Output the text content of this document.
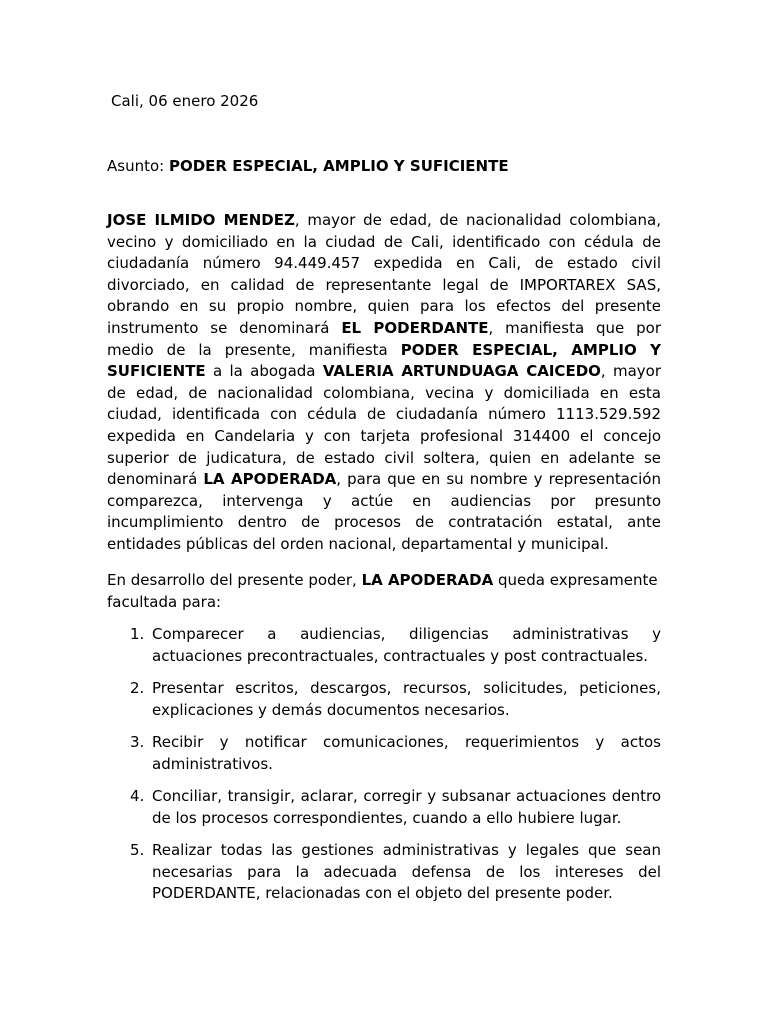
Cali, 06 enero 2026
Asunto: PODER ESPECIAL, AMPLIO Y SUFICIENTE

JOSE ILMIDO MENDEZ, mayor de edad, de nacionalidad colombiana, vecino y domiciliado en la ciudad de Cali, identificado con cédula de ciudadanía número 94.449.457 expedida en Cali, de estado civil divorciado, en calidad de representante legal de IMPORTAREX SAS, obrando en su propio nombre, quien para los efectos del presente instrumento se denominará EL PODERDANTE, manifiesta que por medio de la presente, manifiesta PODER ESPECIAL, AMPLIO Y SUFICIENTE a la abogada VALERIA ARTUNDUAGA CAICEDO, mayor de edad, de nacionalidad colombiana, vecina y domiciliada en esta ciudad, identificada con cédula de ciudadanía número 1113.529.592 expedida en Candelaria y con tarjeta profesional 314400 el concejo superior de judicatura, de estado civil soltera, quien en adelante se denominará LA APODERADA, para que en su nombre y representación comparezca, intervenga y actúe en audiencias por presunto incumplimiento dentro de procesos de contratación estatal, ante entidades públicas del orden nacional, departamental y municipal.

En desarrollo del presente poder, LA APODERADA queda expresamente facultada para:

1. Comparecer a audiencias, diligencias administrativas y actuaciones precontractuales, contractuales y post contractuales.
2. Presentar escritos, descargos, recursos, solicitudes, peticiones, explicaciones y demás documentos necesarios.
3. Recibir y notificar comunicaciones, requerimientos y actos administrativos.
4. Conciliar, transigir, aclarar, corregir y subsanar actuaciones dentro de los procesos correspondientes, cuando a ello hubiere lugar.
5. Realizar todas las gestiones administrativas y legales que sean necesarias para la adecuada defensa de los intereses del PODERDANTE, relacionadas con el objeto del presente poder.
